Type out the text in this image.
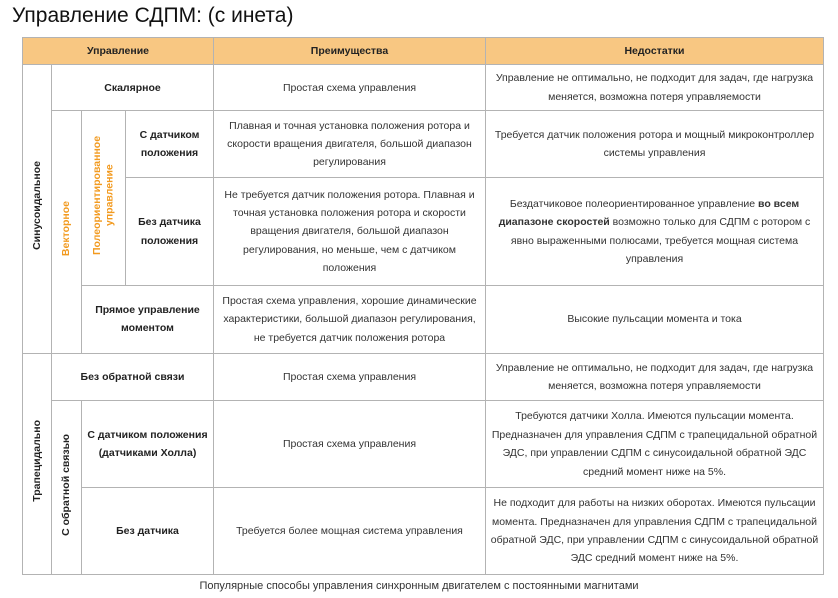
Управление СДПМ: (с инета)
Управление				Преимущества	Недостатки
Синусоидальное	Скалярное			Простая схема управления	Управление не оптимально, не подходит для задач, где нагрузка меняется, возможна потеря управляемости
	Векторное	Полеориентированное управление	С датчиком положения	Плавная и точная установка положения ротора и скорости вращения двигателя, большой диапазон регулирования	Требуется датчик положения ротора и мощный микроконтроллер системы управления
			Без датчика положения	Не требуется датчик положения ротора. Плавная и точная установка положения ротора и скорости вращения двигателя, большой диапазон регулирования, но меньше, чем с датчиком положения	Бездатчиковое полеориентированное управление во всем диапазоне скоростей возможно только для СДПМ с ротором с явно выраженными полюсами, требуется мощная система управления
		Прямое управление моментом		Простая схема управления, хорошие динамические характеристики, большой диапазон регулирования, не требуется датчик положения ротора	Высокие пульсации момента и тока
Трапецидально	Без обратной связи			Простая схема управления	Управление не оптимально, не подходит для задач, где нагрузка меняется, возможна потеря управляемости
	С обратной связью	С датчиком положения (датчиками Холла)		Простая схема управления	Требуются датчики Холла. Имеются пульсации момента. Предназначен для управления СДПМ с трапецидальной обратной ЭДС, при управлении СДПМ с синусоидальной обратной ЭДС средний момент ниже на 5%.
		Без датчика		Требуется более мощная система управления	Не подходит для работы на низких оборотах. Имеются пульсации момента. Предназначен для управления СДПМ с трапецидальной обратной ЭДС, при управлении СДПМ с синусоидальной обратной ЭДС средний момент ниже на 5%.
Популярные способы управления синхронным двигателем с постоянными магнитами
